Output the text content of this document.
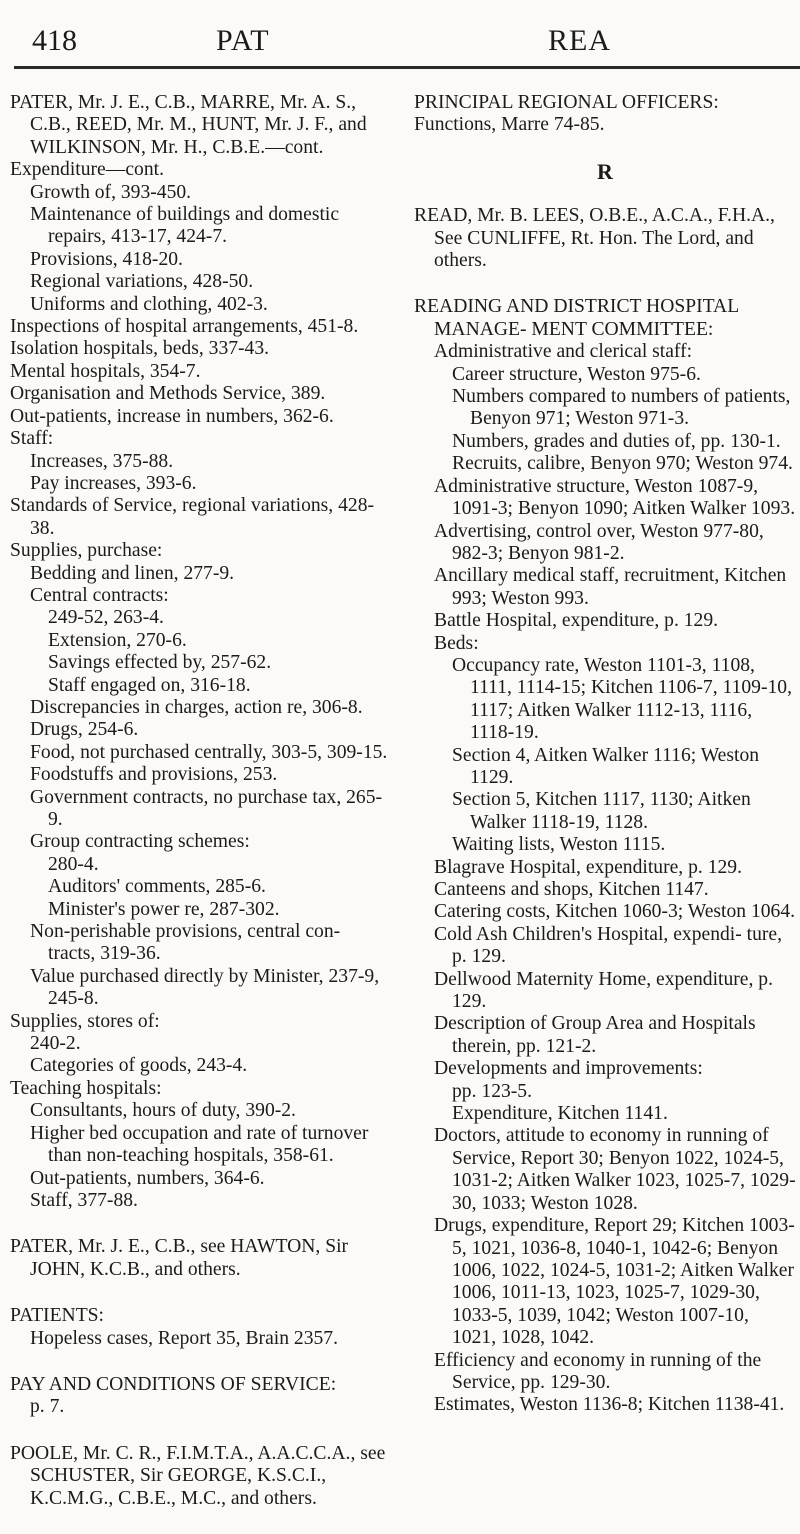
418	PAT	REA
PATER, Mr. J. E., C.B., MARRE, Mr. A. S., C.B., REED, Mr. M., HUNT, Mr. J. F., and WILKINSON, Mr. H., C.B.E.—cont.
Expenditure—cont.
Growth of, 393-450.
Maintenance of buildings and domestic repairs, 413-17, 424-7.
Provisions, 418-20.
Regional variations, 428-50.
Uniforms and clothing, 402-3.
Inspections of hospital arrangements, 451-8.
Isolation hospitals, beds, 337-43.
Mental hospitals, 354-7.
Organisation and Methods Service, 389.
Out-patients, increase in numbers, 362-6.
Staff:
Increases, 375-88.
Pay increases, 393-6.
Standards of Service, regional variations, 428-38.
Supplies, purchase:
Bedding and linen, 277-9.
Central contracts:
249-52, 263-4.
Extension, 270-6.
Savings effected by, 257-62.
Staff engaged on, 316-18.
Discrepancies in charges, action re, 306-8.
Drugs, 254-6.
Food, not purchased centrally, 303-5, 309-15.
Foodstuffs and provisions, 253.
Government contracts, no purchase tax, 265-9.
Group contracting schemes:
280-4.
Auditors' comments, 285-6.
Minister's power re, 287-302.
Non-perishable provisions, central con- tracts, 319-36.
Value purchased directly by Minister, 237-9, 245-8.
Supplies, stores of:
240-2.
Categories of goods, 243-4.
Teaching hospitals:
Consultants, hours of duty, 390-2.
Higher bed occupation and rate of turnover than non-teaching hospitals, 358-61.
Out-patients, numbers, 364-6.
Staff, 377-88.
PATER, Mr. J. E., C.B., see HAWTON, Sir JOHN, K.C.B., and others.
PATIENTS:
Hopeless cases, Report 35, Brain 2357.
PAY AND CONDITIONS OF SERVICE:
p. 7.
POOLE, Mr. C. R., F.I.M.T.A., A.A.C.C.A., see SCHUSTER, Sir GEORGE, K.S.C.I., K.C.M.G., C.B.E., M.C., and others.
PRINCIPAL REGIONAL OFFICERS:
Functions, Marre 74-85.
R
READ, Mr. B. LEES, O.B.E., A.C.A., F.H.A., See CUNLIFFE, Rt. Hon. The Lord, and others.
READING AND DISTRICT HOSPITAL MANAGE- MENT COMMITTEE:
Administrative and clerical staff:
Career structure, Weston 975-6.
Numbers compared to numbers of patients, Benyon 971; Weston 971-3.
Numbers, grades and duties of, pp. 130-1.
Recruits, calibre, Benyon 970; Weston 974.
Administrative structure, Weston 1087-9, 1091-3; Benyon 1090; Aitken Walker 1093.
Advertising, control over, Weston 977-80, 982-3; Benyon 981-2.
Ancillary medical staff, recruitment, Kitchen 993; Weston 993.
Battle Hospital, expenditure, p. 129.
Beds:
Occupancy rate, Weston 1101-3, 1108, 1111, 1114-15; Kitchen 1106-7, 1109-10, 1117; Aitken Walker 1112-13, 1116, 1118-19.
Section 4, Aitken Walker 1116; Weston 1129.
Section 5, Kitchen 1117, 1130; Aitken Walker 1118-19, 1128.
Waiting lists, Weston 1115.
Blagrave Hospital, expenditure, p. 129.
Canteens and shops, Kitchen 1147.
Catering costs, Kitchen 1060-3; Weston 1064.
Cold Ash Children's Hospital, expendi- ture, p. 129.
Dellwood Maternity Home, expenditure, p. 129.
Description of Group Area and Hospitals therein, pp. 121-2.
Developments and improvements:
pp. 123-5.
Expenditure, Kitchen 1141.
Doctors, attitude to economy in running of Service, Report 30; Benyon 1022, 1024-5, 1031-2; Aitken Walker 1023, 1025-7, 1029-30, 1033; Weston 1028.
Drugs, expenditure, Report 29; Kitchen 1003-5, 1021, 1036-8, 1040-1, 1042-6; Benyon 1006, 1022, 1024-5, 1031-2; Aitken Walker 1006, 1011-13, 1023, 1025-7, 1029-30, 1033-5, 1039, 1042; Weston 1007-10, 1021, 1028, 1042.
Efficiency and economy in running of the Service, pp. 129-30.
Estimates, Weston 1136-8; Kitchen 1138-41.
